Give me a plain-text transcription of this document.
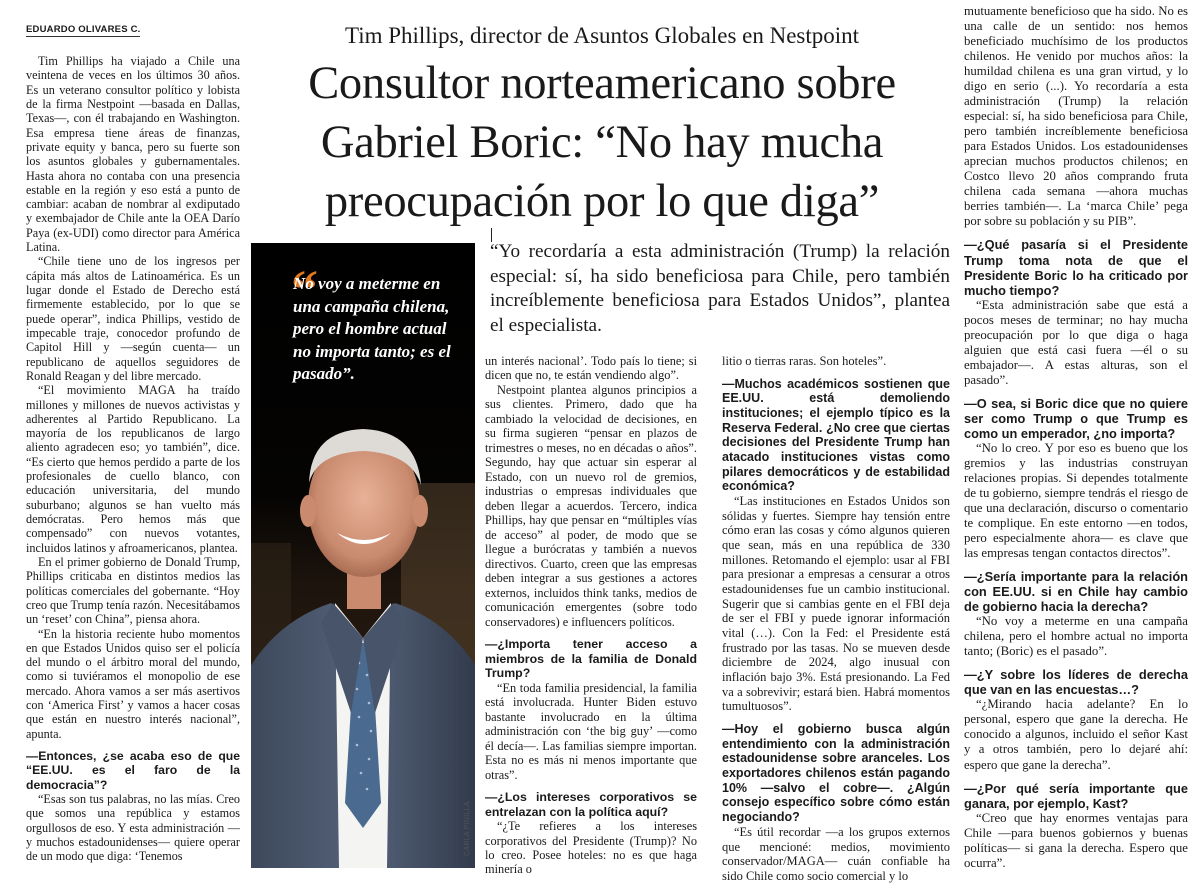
EDUARDO OLIVARES C.	Tim Phillips, director de Asuntos Globales en Nestpoint
Consultor norteamericano sobre
Gabriel Boric: “No hay mucha
preocupación por lo que diga”
“Yo recordaría a esta administración (Trump) la relación especial: sí, ha sido beneficiosa para Chile, pero también increíblemente beneficiosa para Estados Unidos”, plantea el especialista.

Tim Phillips ha viajado a Chile una veintena de veces en los últimos 30 años. Es un veterano consultor político y lobista de la firma Nestpoint —basada en Dallas, Texas—, con él trabajando en Washington. Esa empresa tiene áreas de finanzas, private equity y banca, pero su fuerte son los asuntos globales y gubernamentales. Hasta ahora no contaba con una presencia estable en la región y eso está a punto de cambiar: acaban de nombrar al exdiputado y exembajador de Chile ante la OEA Darío Paya (ex-UDI) como director para América Latina.

“Chile tiene uno de los ingresos per cápita más altos de Latinoamérica. Es un lugar donde el Estado de Derecho está firmemente establecido, por lo que se puede operar”, indica Phillips, vestido de impecable traje, conocedor profundo de Capitol Hill y —según cuenta— un republicano de aquellos seguidores de Ronald Reagan y del libre mercado.

“El movimiento MAGA ha traído millones y millones de nuevos activistas y adherentes al Partido Republicano. La mayoría de los republicanos de largo aliento agradecen eso; yo también”, dice. “Es cierto que hemos perdido a parte de los profesionales de cuello blanco, con educación universitaria, del mundo suburbano; algunos se han vuelto más demócratas. Pero hemos más que compensado” con nuevos votantes, incluidos latinos y afroamericanos, plantea.

En el primer gobierno de Donald Trump, Phillips criticaba en distintos medios las políticas comerciales del gobernante. “Hoy creo que Trump tenía razón. Necesitábamos un ‘reset’ con China”, piensa ahora.

“En la historia reciente hubo momentos en que Estados Unidos quiso ser el policía del mundo o el árbitro moral del mundo, como si tuviéramos el monopolio de ese mercado. Ahora vamos a ser más asertivos con ‘America First’ y vamos a hacer cosas que están en nuestro interés nacional”, apunta.

—Entonces, ¿se acaba eso de que “EE.UU. es el faro de la democracia”?

“Esas son tus palabras, no las mías. Creo que somos una república y estamos orgullosos de eso. Y esta administración —y muchos estadounidenses— quiere operar de un modo que diga: ‘Tenemos

“
No voy a meterme en una campaña chilena, pero el hombre actual no importa tanto; es el pasado”.
CARLA PINILLA

un interés nacional’. Todo país lo tiene; si dicen que no, te están vendiendo algo”.

Nestpoint plantea algunos principios a sus clientes. Primero, dado que ha cambiado la velocidad de decisiones, en su firma sugieren “pensar en plazos de trimestres o meses, no en décadas o años”. Segundo, hay que actuar sin esperar al Estado, con un nuevo rol de gremios, industrias o empresas individuales que deben llegar a acuerdos. Tercero, indica Phillips, hay que pensar en “múltiples vías de acceso” al poder, de modo que se llegue a burócratas y también a nuevos directivos. Cuarto, creen que las empresas deben integrar a sus gestiones a actores externos, incluidos think tanks, medios de comunicación emergentes (sobre todo conservadores) e influencers políticos.

—¿Importa tener acceso a miembros de la familia de Donald Trump?

“En toda familia presidencial, la familia está involucrada. Hunter Biden estuvo bastante involucrado en la última administración con ‘the big guy’ —como él decía—. Las familias siempre importan. Esta no es más ni menos importante que otras”.

—¿Los intereses corporativos se entrelazan con la política aquí?

“¿Te refieres a los intereses corporativos del Presidente (Trump)? No lo creo. Posee hoteles: no es que haga minería o

litio o tierras raras. Son hoteles”.

—Muchos académicos sostienen que EE.UU. está demoliendo instituciones; el ejemplo típico es la Reserva Federal. ¿No cree que ciertas decisiones del Presidente Trump han atacado instituciones vistas como pilares democráticos y de estabilidad económica?

“Las instituciones en Estados Unidos son sólidas y fuertes. Siempre hay tensión entre cómo eran las cosas y cómo algunos quieren que sean, más en una república de 330 millones. Retomando el ejemplo: usar al FBI para presionar a empresas a censurar a otros estadounidenses fue un cambio institucional. Sugerir que si cambias gente en el FBI deja de ser el FBI y puede ignorar información vital (…). Con la Fed: el Presidente está frustrado por las tasas. No se mueven desde diciembre de 2024, algo inusual con inflación bajo 3%. Está presionando. La Fed va a sobrevivir; estará bien. Habrá momentos tumultuosos”.

—Hoy el gobierno busca algún entendimiento con la administración estadounidense sobre aranceles. Los exportadores chilenos están pagando 10% —salvo el cobre—. ¿Algún consejo específico sobre cómo están negociando?

“Es útil recordar —a los grupos externos que mencioné: medios, movimiento conservador/MAGA— cuán confiable ha sido Chile como socio comercial y lo

mutuamente beneficioso que ha sido. No es una calle de un sentido: nos hemos beneficiado muchísimo de los productos chilenos. He venido por muchos años: la humildad chilena es una gran virtud, y lo digo en serio (...). Yo recordaría a esta administración (Trump) la relación especial: sí, ha sido beneficiosa para Chile, pero también increíblemente beneficiosa para Estados Unidos. Los estadounidenses aprecian muchos productos chilenos; en Costco llevo 20 años comprando fruta chilena cada semana —ahora muchas berries también—. La ‘marca Chile’ pega por sobre su población y su PIB”.

—¿Qué pasaría si el Presidente Trump toma nota de que el Presidente Boric lo ha criticado por mucho tiempo?

“Esta administración sabe que está a pocos meses de terminar; no hay mucha preocupación por lo que diga o haga alguien que está casi fuera —él o su embajador—. A estas alturas, son el pasado”.

—O sea, si Boric dice que no quiere ser como Trump o que Trump es como un emperador, ¿no importa?

“No lo creo. Y por eso es bueno que los gremios y las industrias construyan relaciones propias. Si dependes totalmente de tu gobierno, siempre tendrás el riesgo de que una declaración, discurso o comentario te complique. En este entorno —en todos, pero especialmente ahora— es clave que las empresas tengan contactos directos”.

—¿Sería importante para la relación con EE.UU. si en Chile hay cambio de gobierno hacia la derecha?

“No voy a meterme en una campaña chilena, pero el hombre actual no importa tanto; (Boric) es el pasado”.

—¿Y sobre los líderes de derecha que van en las encuestas…?

“¿Mirando hacia adelante? En lo personal, espero que gane la derecha. He conocido a algunos, incluido el señor Kast y a otros también, pero lo dejaré ahí: espero que gane la derecha”.

—¿Por qué sería importante que ganara, por ejemplo, Kast?

“Creo que hay enormes ventajas para Chile —para buenos gobiernos y buenas políticas— si gana la derecha. Espero que ocurra”.
